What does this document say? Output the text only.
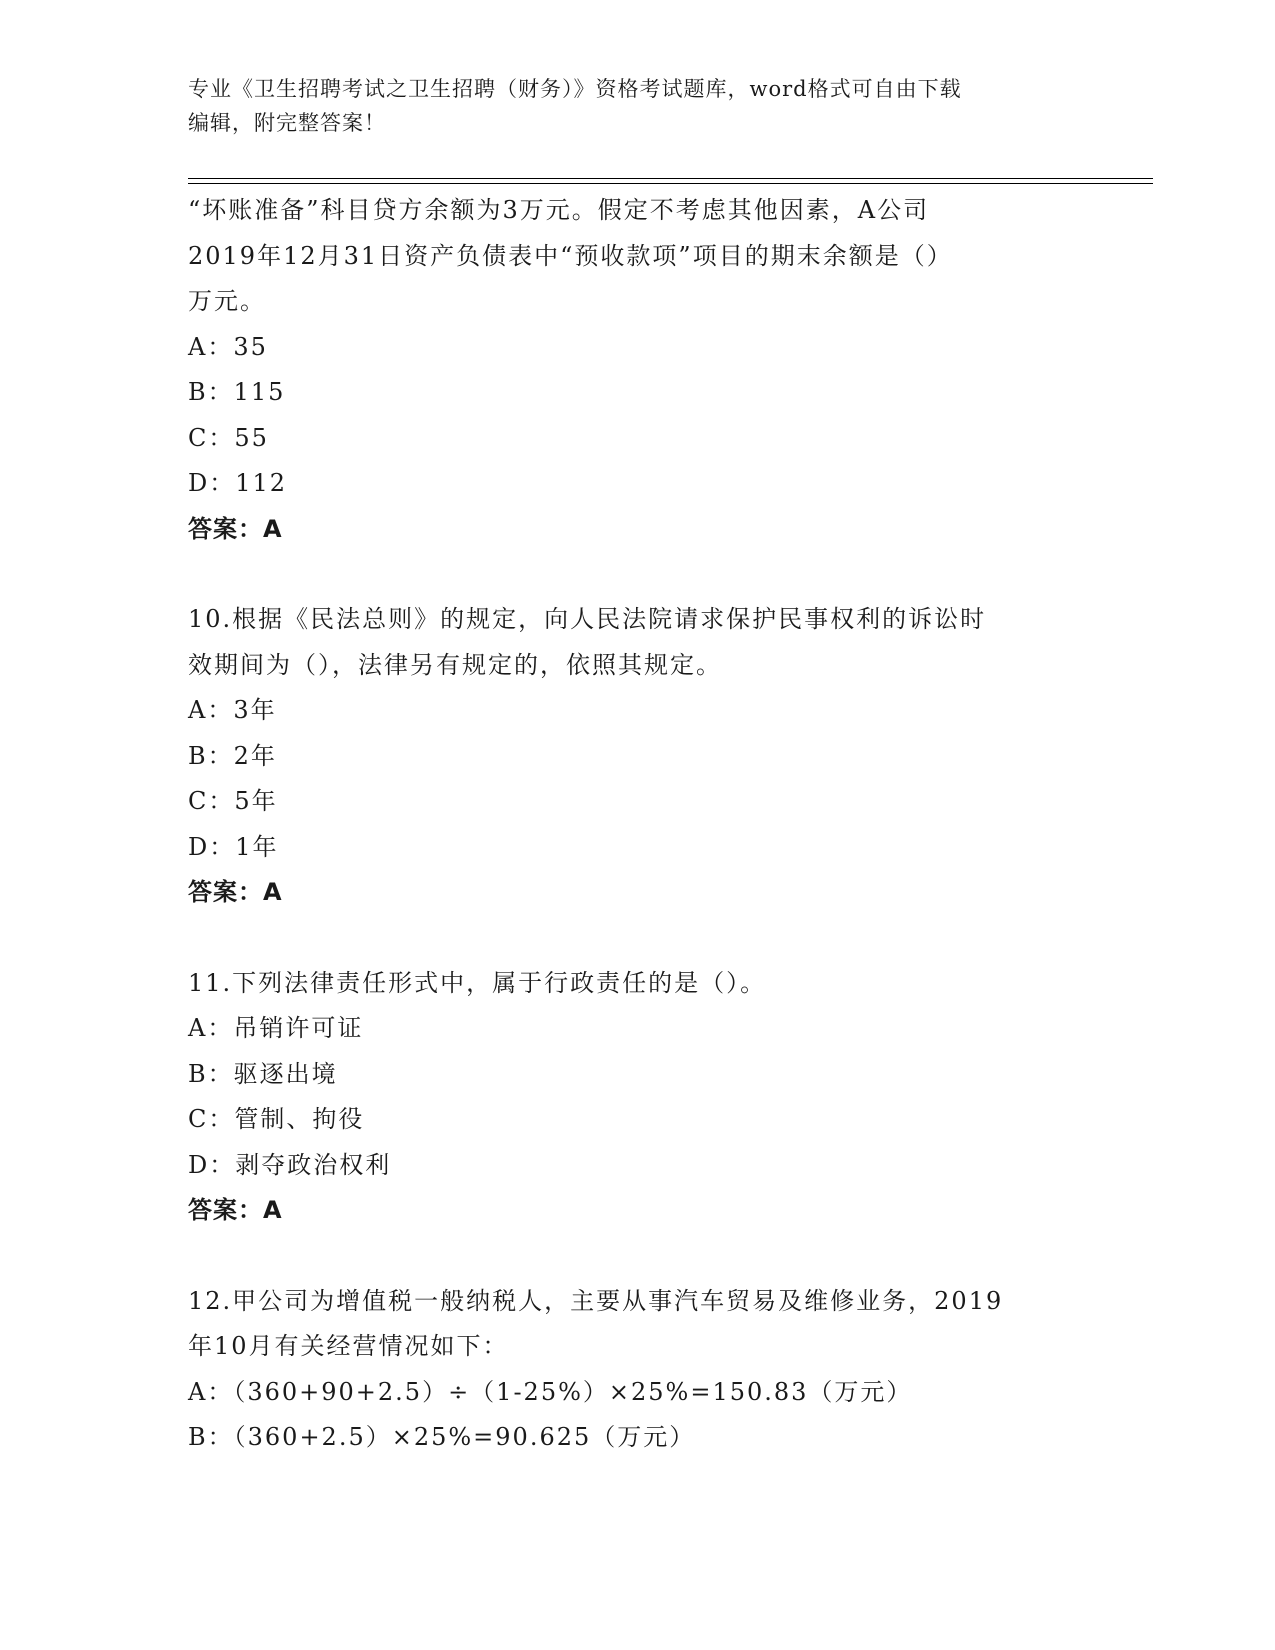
专业《卫生招聘考试之卫生招聘（财务）》资格考试题库，word格式可自由下载
编辑，附完整答案！
“坏账准备”科目贷方余额为3万元。假定不考虑其他因素，A公司
2019年12月31日资产负债表中“预收款项”项目的期末余额是（）
万元。
A：35
B：115
C：55
D：112
答案：A
10.根据《民法总则》的规定，向人民法院请求保护民事权利的诉讼时
效期间为（），法律另有规定的，依照其规定。
A：3年
B：2年
C：5年
D：1年
答案：A
11.下列法律责任形式中，属于行政责任的是（）。
A：吊销许可证
B：驱逐出境
C：管制、拘役
D：剥夺政治权利
答案：A
12.甲公司为增值税一般纳税人，主要从事汽车贸易及维修业务，2019
年10月有关经营情况如下：
A：（360+90+2.5）÷（1-25%）×25%=150.83（万元）
B：（360+2.5）×25%=90.625（万元）
